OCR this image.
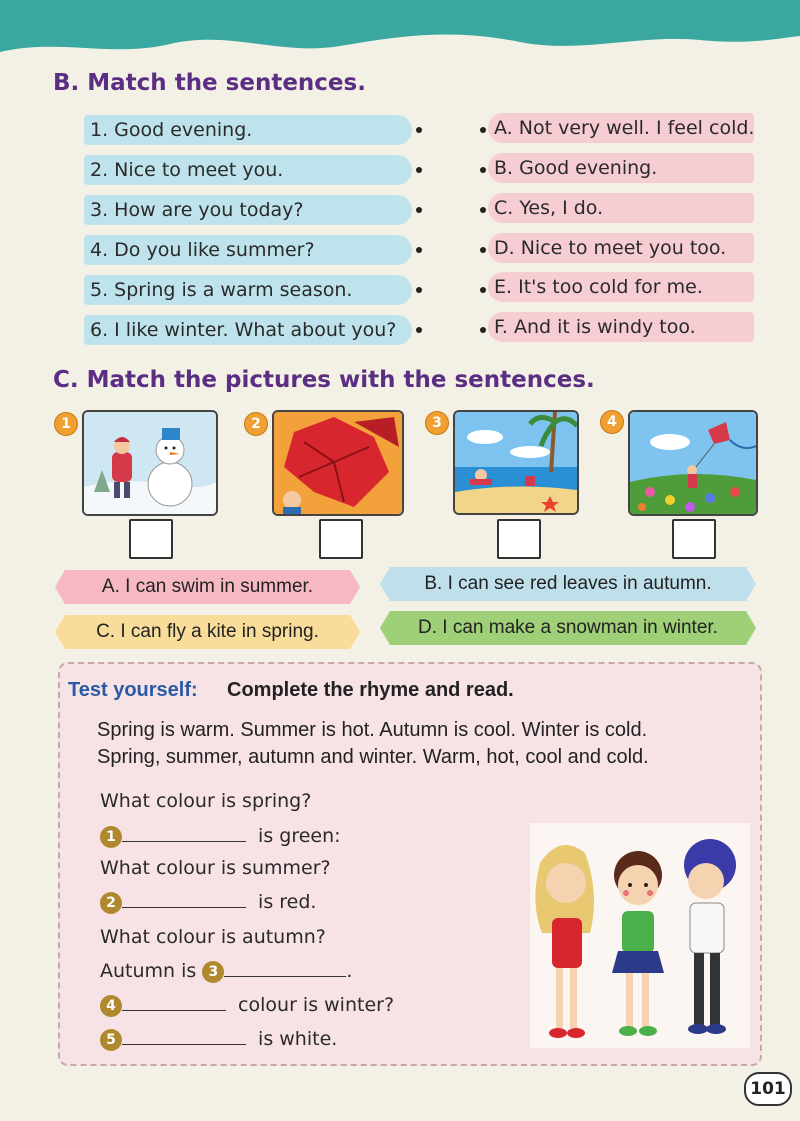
B. Match the sentences.
1. Good evening.
2. Nice to meet you.
3. How are you today?
4. Do you like summer?
5. Spring is a warm season.
6. I like winter. What about you?
A. Not very well. I feel cold.
B. Good evening.
C. Yes, I do.
D. Nice to meet you too.
E. It's too cold for me.
F. And it is windy too.
C. Match the pictures with the sentences.
1	2	3	4
A. I can swim in summer.	B. I can see red leaves in autumn.
C. I can fly a kite in spring.	D. I can make a snowman in winter.
Test yourself: Complete the rhyme and read.
Spring is warm. Summer is hot. Autumn is cool. Winter is cold.
Spring, summer, autumn and winter. Warm, hot, cool and cold.
What colour is spring?
1	is green:
What colour is summer?
2	is red.
What colour is autumn?
Autumn is 3	.
4	colour is winter?
5	is white.
101
